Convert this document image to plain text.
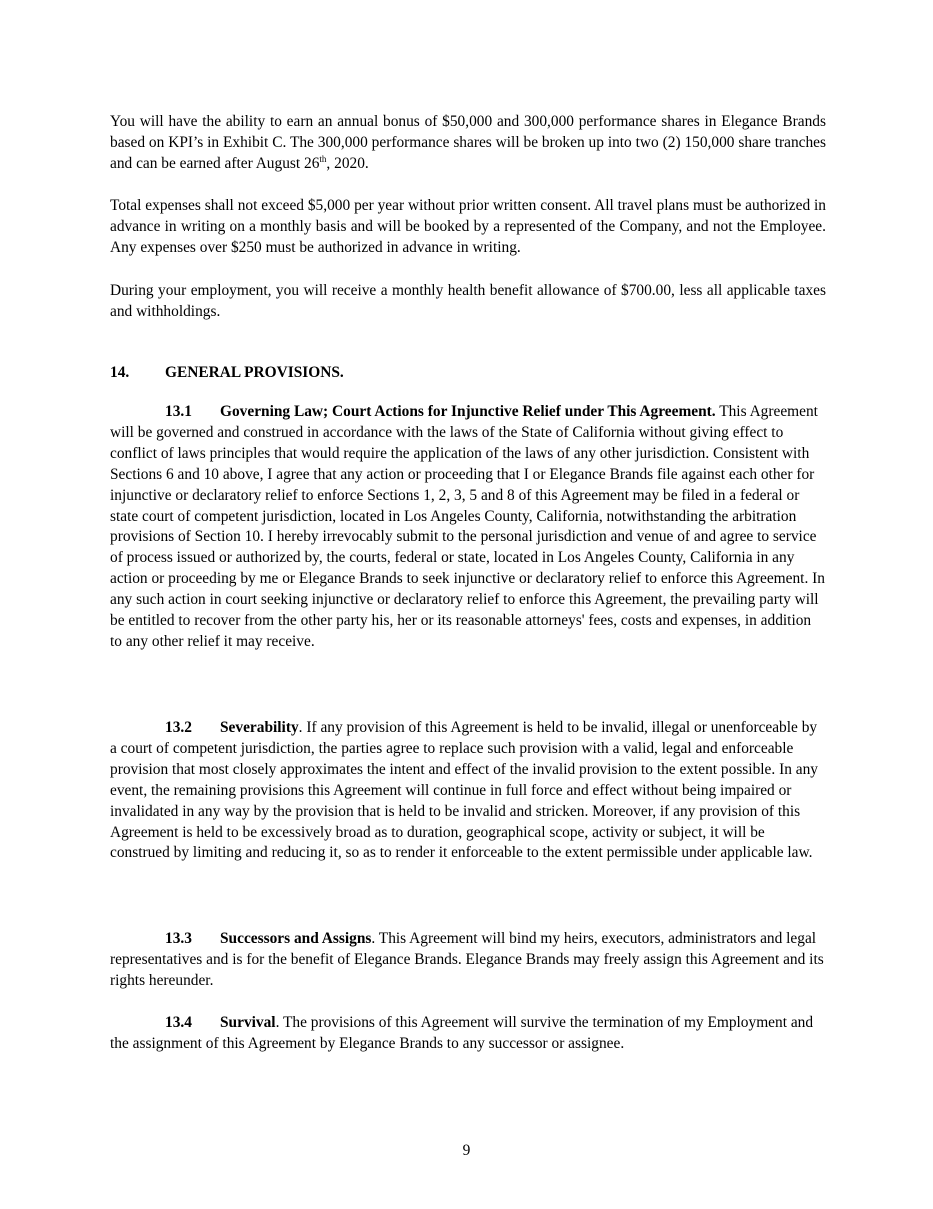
You will have the ability to earn an annual bonus of $50,000 and 300,000 performance shares in Elegance Brands based on KPI’s in Exhibit C. The 300,000 performance shares will be broken up into two (2) 150,000 share tranches and can be earned after August 26th, 2020.

Total expenses shall not exceed $5,000 per year without prior written consent. All travel plans must be authorized in advance in writing on a monthly basis and will be booked by a represented of the Company, and not the Employee. Any expenses over $250 must be authorized in advance in writing.

During your employment, you will receive a monthly health benefit allowance of $700.00, less all applicable taxes and withholdings.

14. GENERAL PROVISIONS.

13.1 Governing Law; Court Actions for Injunctive Relief under This Agreement. This Agreement will be governed and construed in accordance with the laws of the State of California without giving effect to conflict of laws principles that would require the application of the laws of any other jurisdiction. Consistent with Sections 6 and 10 above, I agree that any action or proceeding that I or Elegance Brands file against each other for injunctive or declaratory relief to enforce Sections 1, 2, 3, 5 and 8 of this Agreement may be filed in a federal or state court of competent jurisdiction, located in Los Angeles County, California, notwithstanding the arbitration provisions of Section 10. I hereby irrevocably submit to the personal jurisdiction and venue of and agree to service of process issued or authorized by, the courts, federal or state, located in Los Angeles County, California in any action or proceeding by me or Elegance Brands to seek injunctive or declaratory relief to enforce this Agreement. In any such action in court seeking injunctive or declaratory relief to enforce this Agreement, the prevailing party will be entitled to recover from the other party his, her or its reasonable attorneys' fees, costs and expenses, in addition to any other relief it may receive.

13.2 Severability. If any provision of this Agreement is held to be invalid, illegal or unenforceable by a court of competent jurisdiction, the parties agree to replace such provision with a valid, legal and enforceable provision that most closely approximates the intent and effect of the invalid provision to the extent possible. In any event, the remaining provisions this Agreement will continue in full force and effect without being impaired or invalidated in any way by the provision that is held to be invalid and stricken. Moreover, if any provision of this Agreement is held to be excessively broad as to duration, geographical scope, activity or subject, it will be construed by limiting and reducing it, so as to render it enforceable to the extent permissible under applicable law.

13.3 Successors and Assigns. This Agreement will bind my heirs, executors, administrators and legal representatives and is for the benefit of Elegance Brands. Elegance Brands may freely assign this Agreement and its rights hereunder.

13.4 Survival. The provisions of this Agreement will survive the termination of my Employment and the assignment of this Agreement by Elegance Brands to any successor or assignee.

9
